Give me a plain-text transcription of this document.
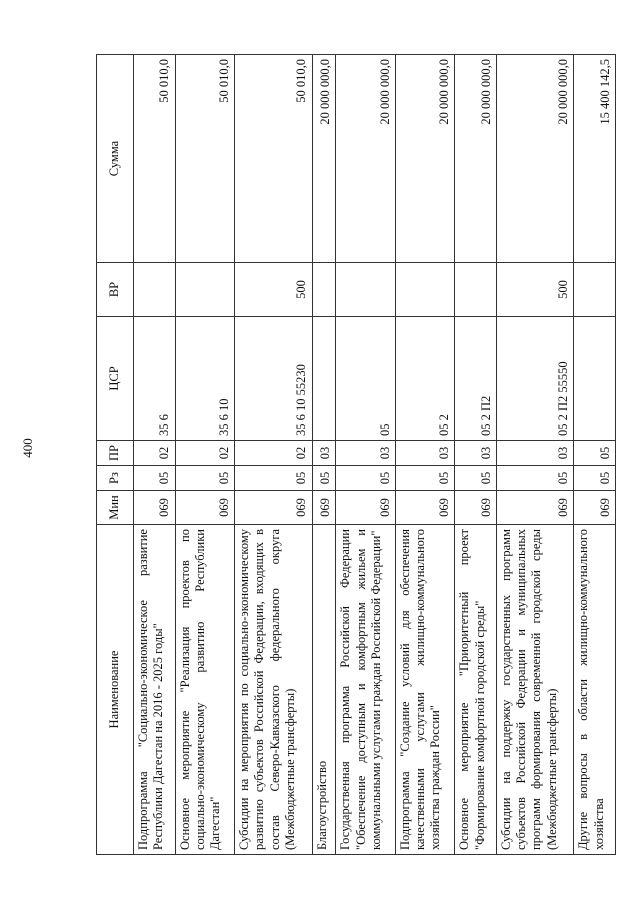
400
Наименование	Мин	Рз	ПР	ЦСР	ВР	Сумма
Подпрограмма "Социально-экономическое развитие Республики Дагестан на 2016 - 2025 годы"	069	05	02	35 6		50 010,0
Основное мероприятие "Реализация проектов по социально-экономическому развитию Республики Дагестан"	069	05	02	35 6 10		50 010,0
Субсидии на мероприятия по социально-экономическому развитию субъектов Российской Федерации, входящих в состав Северо-Кавказского федерального округа (Межбюджетные трансферты)	069	05	02	35 6 10 55230	500	50 010,0
Благоустройство	069	05	03			20 000 000,0
Государственная программа Российской Федерации "Обеспечение доступным и комфортным жильем и коммунальными услугами граждан Российской Федерации"	069	05	03	05		20 000 000,0
Подпрограмма "Создание условий для обеспечения качественными услугами жилищно-коммунального хозяйства граждан России"	069	05	03	05 2		20 000 000,0
Основное мероприятие "Приоритетный проект "Формирование комфортной городской среды"	069	05	03	05 2 П2		20 000 000,0
Субсидии на поддержку государственных программ субъектов Российской Федерации и муниципальных программ формирования современной городской среды (Межбюджетные трансферты)	069	05	03	05 2 П2 55550	500	20 000 000,0
Другие вопросы в области жилищно-коммунального хозяйства	069	05	05			15 400 142,5
